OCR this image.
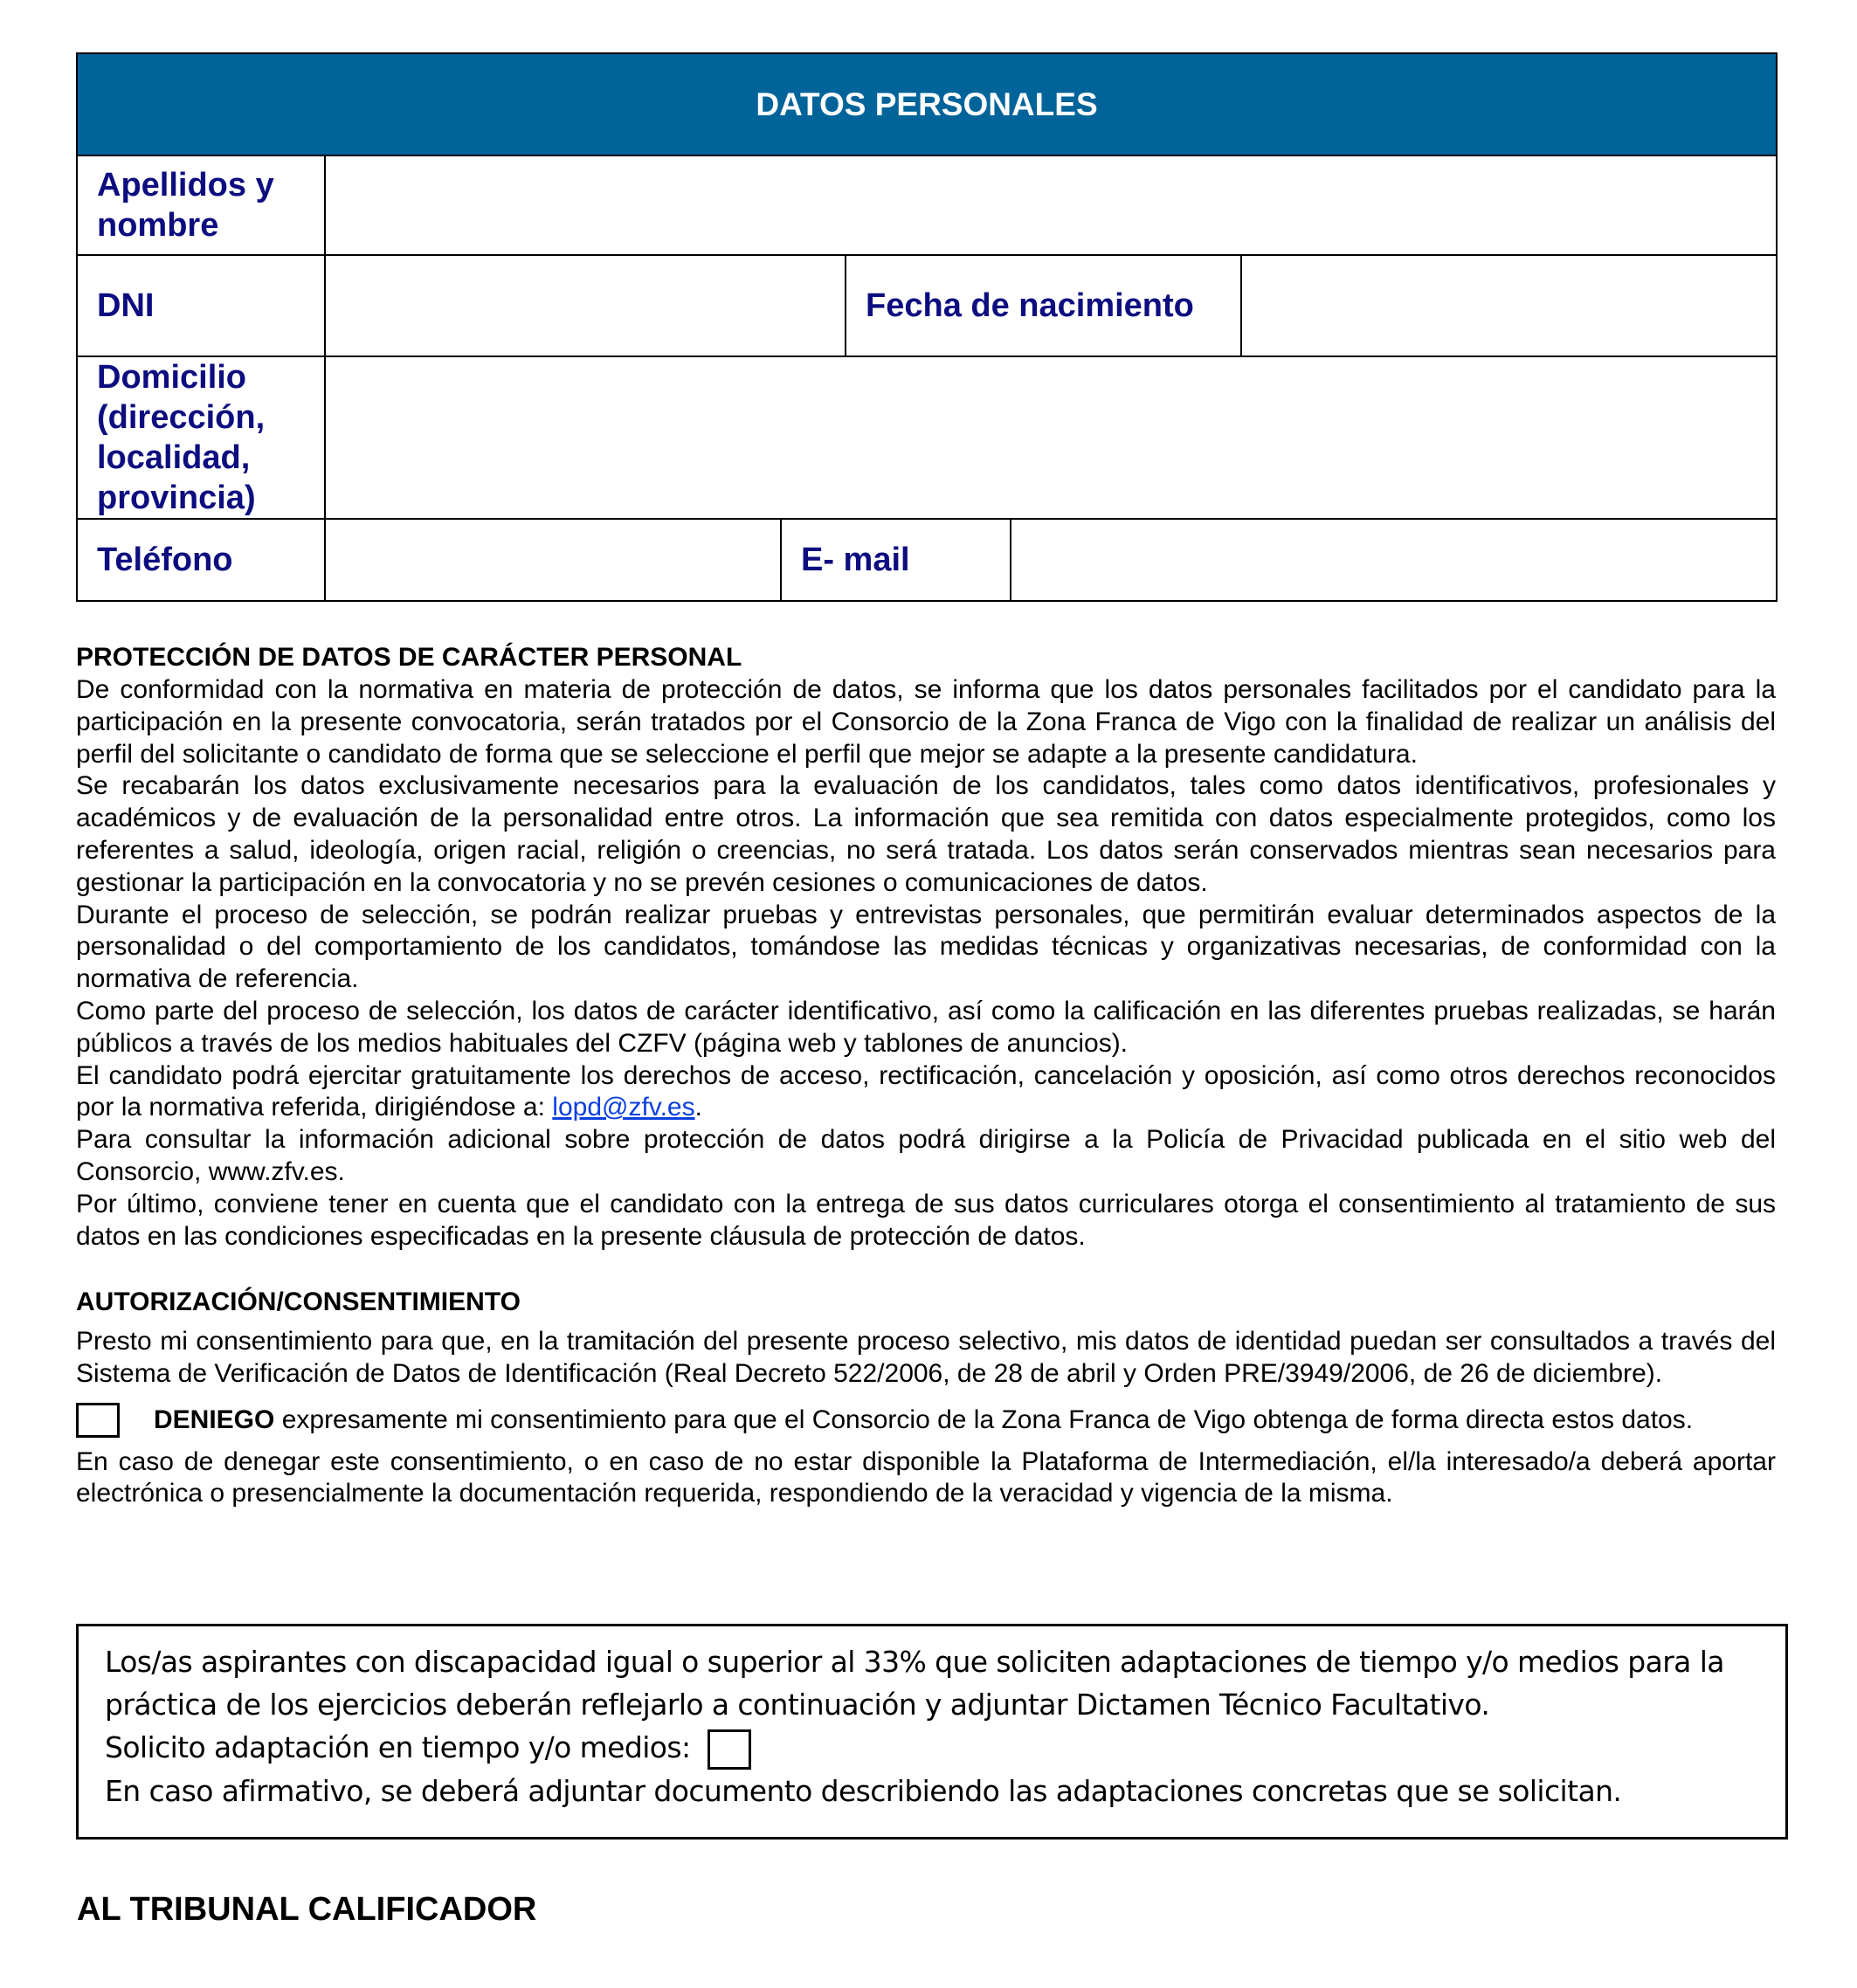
DATOS PERSONALES					
Apellidos y nombre					
DNI			Fecha de nacimiento		
Domicilio (dirección, localidad, provincia)					
Teléfono		E- mail			
PROTECCIÓN DE DATOS DE CARÁCTER PERSONAL

De conformidad con la normativa en materia de protección de datos, se informa que los datos personales facilitados por el candidato para la participación en la presente convocatoria, serán tratados por el Consorcio de la Zona Franca de Vigo con la finalidad de realizar un análisis del perfil del solicitante o candidato de forma que se seleccione el perfil que mejor se adapte a la presente candidatura.

Se recabarán los datos exclusivamente necesarios para la evaluación de los candidatos, tales como datos identificativos, profesionales y académicos y de evaluación de la personalidad entre otros. La información que sea remitida con datos especialmente protegidos, como los referentes a salud, ideología, origen racial, religión o creencias, no será tratada. Los datos serán conservados mientras sean necesarios para gestionar la participación en la convocatoria y no se prevén cesiones o comunicaciones de datos.

Durante el proceso de selección, se podrán realizar pruebas y entrevistas personales, que permitirán evaluar determinados aspectos de la personalidad o del comportamiento de los candidatos, tomándose las medidas técnicas y organizativas necesarias, de conformidad con la normativa de referencia.

Como parte del proceso de selección, los datos de carácter identificativo, así como la calificación en las diferentes pruebas realizadas, se harán públicos a través de los medios habituales del CZFV (página web y tablones de anuncios).

El candidato podrá ejercitar gratuitamente los derechos de acceso, rectificación, cancelación y oposición, así como otros derechos reconocidos por la normativa referida, dirigiéndose a: lopd@zfv.es.

Para consultar la información adicional sobre protección de datos podrá dirigirse a la Policía de Privacidad publicada en el sitio web del Consorcio, www.zfv.es.

Por último, conviene tener en cuenta que el candidato con la entrega de sus datos curriculares otorga el consentimiento al tratamiento de sus datos en las condiciones especificadas en la presente cláusula de protección de datos.

AUTORIZACIÓN/CONSENTIMIENTO

Presto mi consentimiento para que, en la tramitación del presente proceso selectivo, mis datos de identidad puedan ser consultados a través del Sistema de Verificación de Datos de Identificación (Real Decreto 522/2006, de 28 de abril y Orden PRE/3949/2006, de 26 de diciembre).

DENIEGO expresamente mi consentimiento para que el Consorcio de la Zona Franca de Vigo obtenga de forma directa estos datos.

En caso de denegar este consentimiento, o en caso de no estar disponible la Plataforma de Intermediación, el/la interesado/a deberá aportar electrónica o presencialmente la documentación requerida, respondiendo de la veracidad y vigencia de la misma.

Los/as aspirantes con discapacidad igual o superior al 33% que soliciten adaptaciones de tiempo y/o medios para la
práctica de los ejercicios deberán reflejarlo a continuación y adjuntar Dictamen Técnico Facultativo.
Solicito adaptación en tiempo y/o medios:
En caso afirmativo, se deberá adjuntar documento describiendo las adaptaciones concretas que se solicitan.
AL TRIBUNAL CALIFICADOR
